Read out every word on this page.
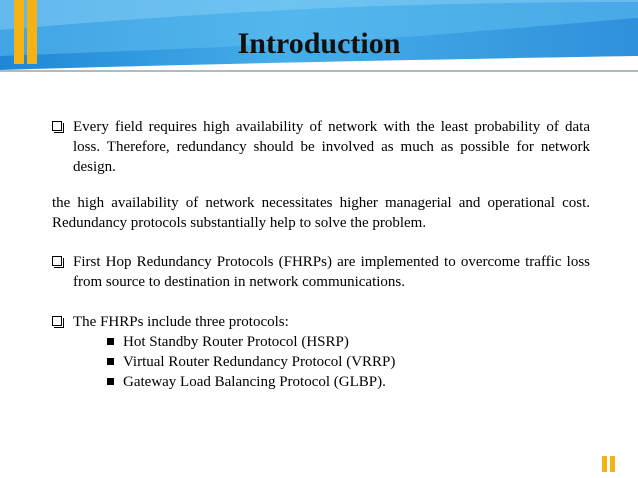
Introduction

Every field requires high availability of network with the least probability of data loss. Therefore, redundancy should be involved as much as possible for network design.

the high availability of network necessitates higher managerial and operational cost. Redundancy protocols substantially help to solve the problem.

First Hop Redundancy Protocols (FHRPs) are implemented to overcome traffic loss from source to destination in network communications.

The FHRPs include three protocols:

Hot Standby Router Protocol (HSRP)

Virtual Router Redundancy Protocol (VRRP)

Gateway Load Balancing Protocol (GLBP).
